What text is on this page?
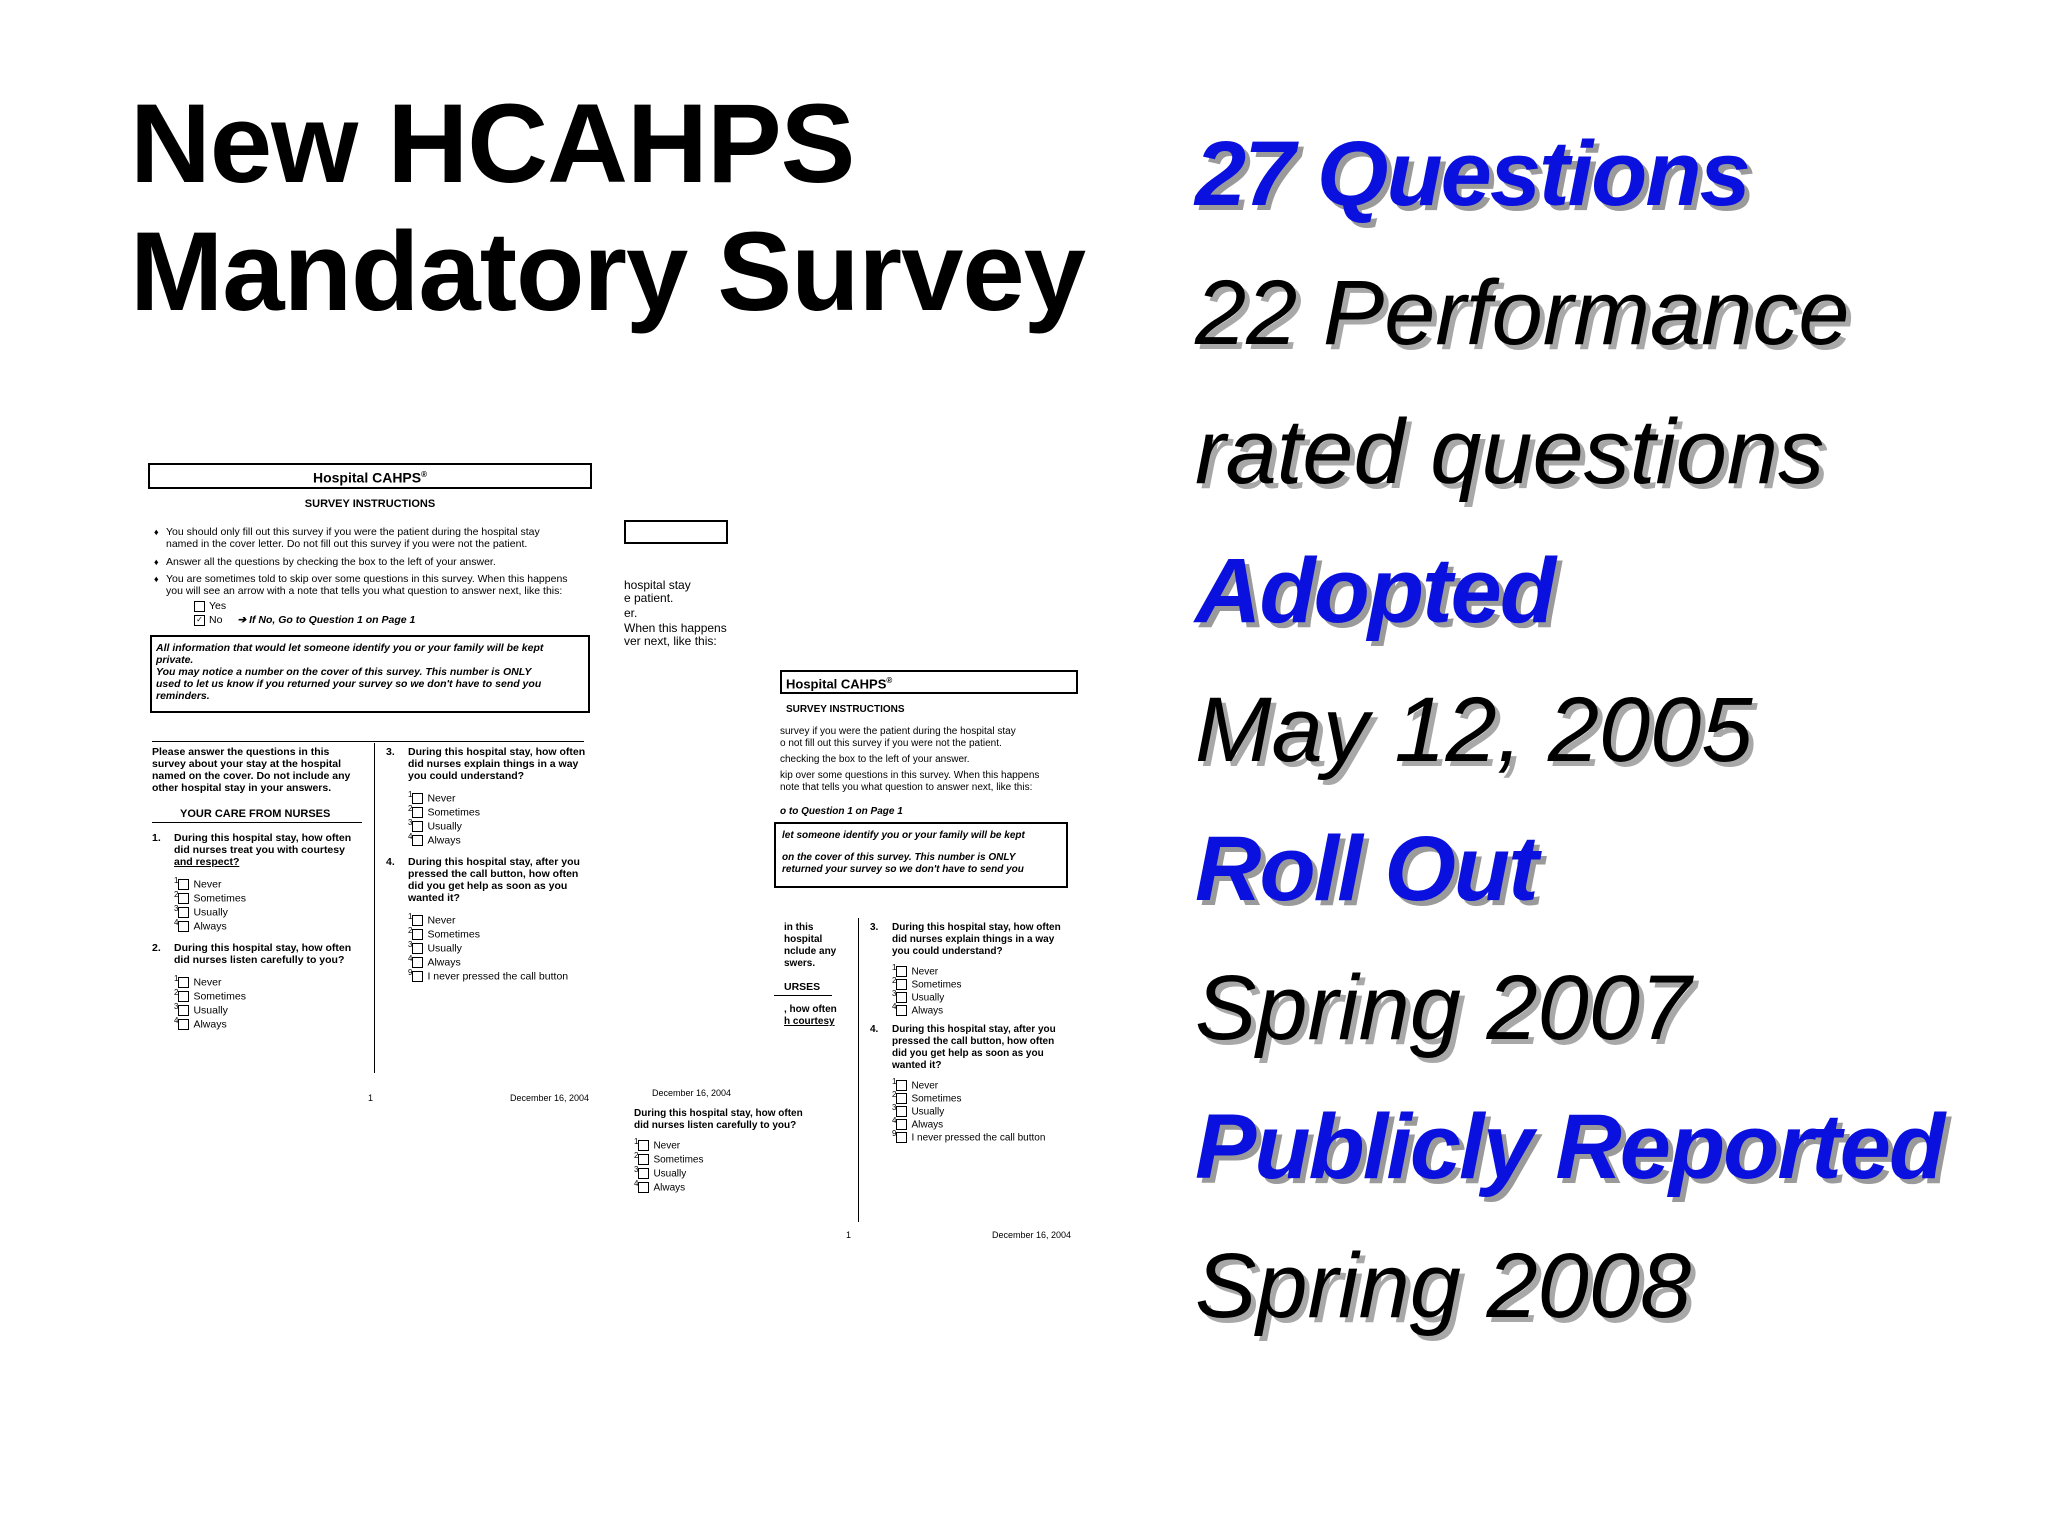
New HCAHPS
Mandatory Survey
27 Questions
22 Performance
rated questions
Adopted
May 12, 2005
Roll Out
Spring 2007
Publicly Reported
Spring 2008
hospital stay
e patient.
er.
When this happens
ver next, like this:
Hospital CAHPS®
SURVEY INSTRUCTIONS
♦ You should only fill out this survey if you were the patient during the hospital stay
named in the cover letter. Do not fill out this survey if you were not the patient.
♦ Answer all the questions by checking the box to the left of your answer.
♦ You are sometimes told to skip over some questions in this survey. When this happens
you will see an arrow with a note that tells you what question to answer next, like this:
Yes
✓ No ➔ If No, Go to Question 1 on Page 1
All information that would let someone identify you or your family will be kept
private.
You may notice a number on the cover of this survey. This number is ONLY
used to let us know if you returned your survey so we don't have to send you
reminders.
Please answer the questions in this
survey about your stay at the hospital
named on the cover. Do not include any
other hospital stay in your answers.
YOUR CARE FROM NURSES
1. During this hospital stay, how often
did nurses treat you with courtesy
and respect?
$^1$ Never
$^2$ Sometimes
$^3$ Usually
$^4$ Always
2. During this hospital stay, how often
did nurses listen carefully to you?
$^1$ Never
$^2$ Sometimes
$^3$ Usually
$^4$ Always
3. During this hospital stay, how often
did nurses explain things in a way
you could understand?
$^1$ Never
$^2$ Sometimes
$^3$ Usually
$^4$ Always
4. During this hospital stay, after you
pressed the call button, how often
did you get help as soon as you
wanted it?
$^1$ Never
$^2$ Sometimes
$^3$ Usually
$^4$ Always
$^9$ I never pressed the call button
1	December 16, 2004
Hospital CAHPS®
SURVEY INSTRUCTIONS
survey if you were the patient during the hospital stay
o not fill out this survey if you were not the patient.
checking the box to the left of your answer.
kip over some questions in this survey. When this happens
note that tells you what question to answer next, like this:
o to Question 1 on Page 1
let someone identify you or your family will be kept
on the cover of this survey. This number is ONLY
returned your survey so we don't have to send you
in this
hospital
nclude any
swers.
URSES
, how often
h courtesy
3. During this hospital stay, how often
did nurses explain things in a way
you could understand?
$^1$ Never
$^2$ Sometimes
$^3$ Usually
$^4$ Always
4. During this hospital stay, after you
pressed the call button, how often
did you get help as soon as you
wanted it?
$^1$ Never
$^2$ Sometimes
$^3$ Usually
$^4$ Always
$^9$ I never pressed the call button
December 16, 2004
During this hospital stay, how often
did nurses listen carefully to you?
$^1$ Never
$^2$ Sometimes
$^3$ Usually
$^4$ Always
1	December 16, 2004
